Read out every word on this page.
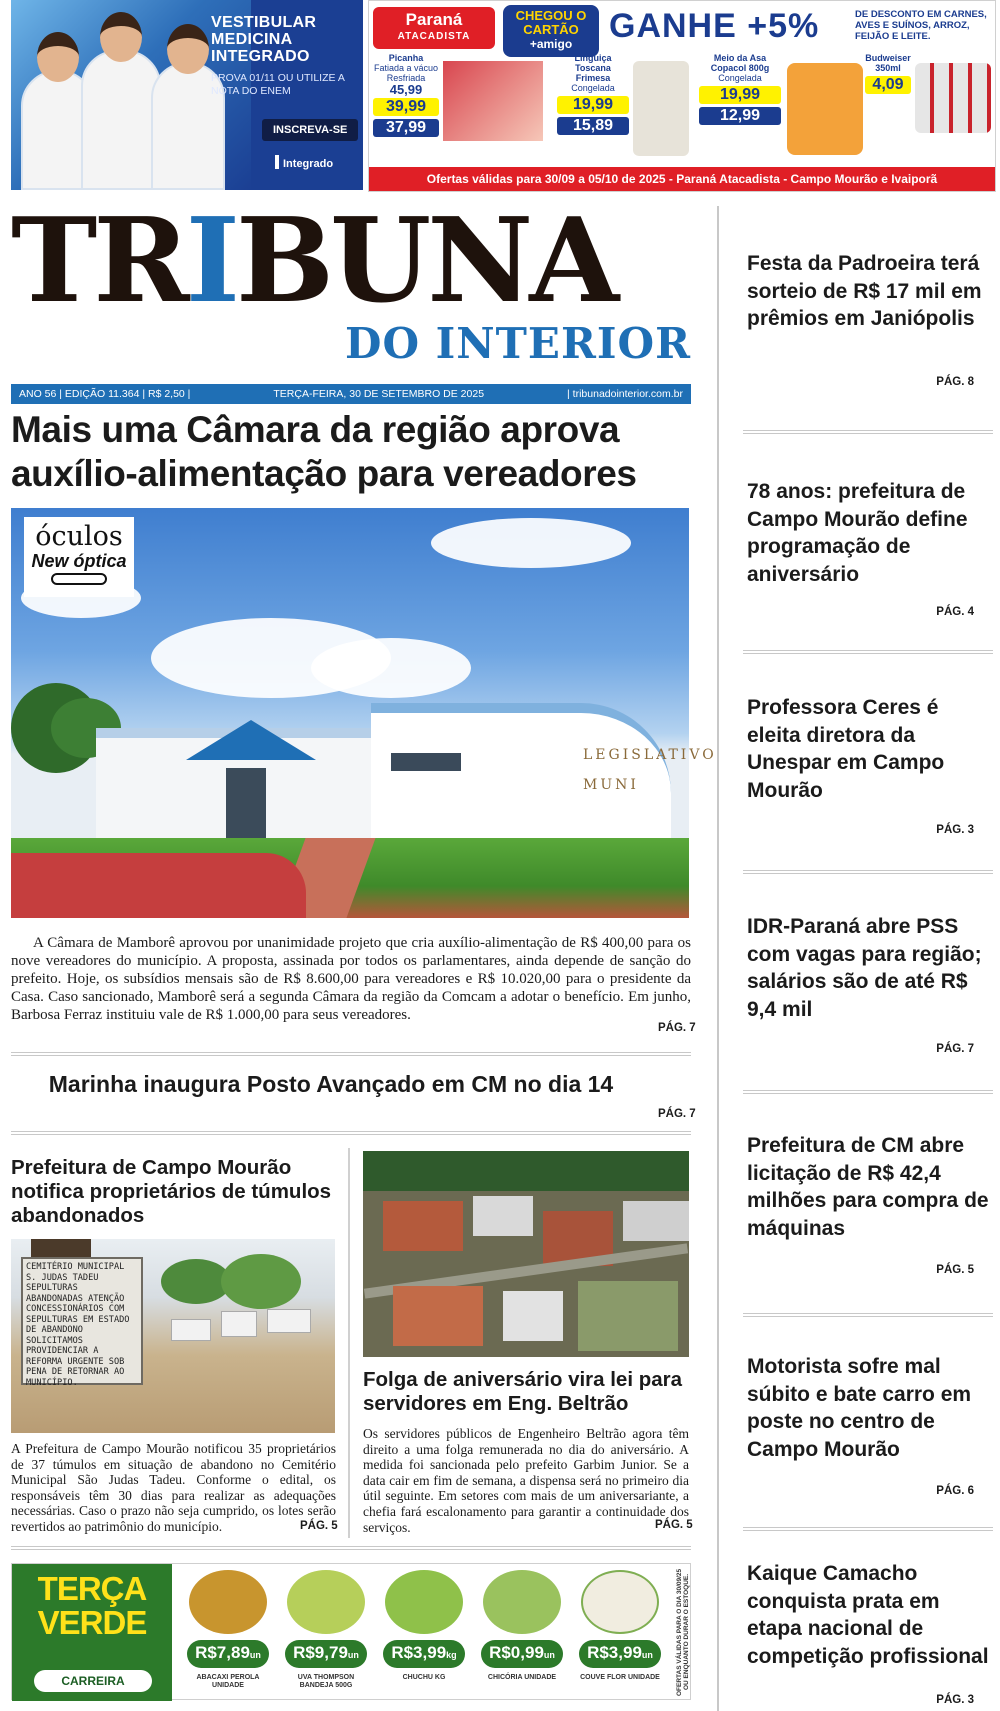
VESTIBULAR MEDICINA INTEGRADO
PROVA 01/11 OU UTILIZE A NOTA DO ENEM
INSCREVA-SE
Integrado
Paraná
ATACADISTA
CHEGOU O CARTÃO
+amigo	GANHE +5%	DE DESCONTO EM CARNES, AVES E SUÍNOS, ARROZ, FEIJÃO E LEITE.
Picanha
Fatiada a vácuo Resfriada
45,99
39,99
37,99
Linguiça Toscana Frimesa
Congelada
19,99
15,89
Meio da Asa Copacol 800g
Congelada
19,99
12,99
Budweiser 350ml
4,09
Ofertas válidas para 30/09 a 05/10 de 2025 - Paraná Atacadista - Campo Mourão e Ivaiporã
TRIBUNA
DO INTERIOR
ANO 56 | EDIÇÃO 11.364 | R$ 2,50 |	TERÇA-FEIRA, 30 DE SETEMBRO DE 2025	| tribunadointerior.com.br
Mais uma Câmara da região aprova auxílio-alimentação para vereadores
LEGISLATIVO MUNI
óculos
New óptica

A Câmara de Mamborê aprovou por unanimidade projeto que cria auxílio-alimentação de R$ 400,00 para os nove vereadores do município. A proposta, assinada por todos os parlamentares, ainda depende de sanção do prefeito. Hoje, os subsídios mensais são de R$ 8.600,00 para vereadores e R$ 10.020,00 para o presidente da Casa. Caso sancionado, Mamborê será a segunda Câmara da região da Comcam a adotar o benefício. Em junho, Barbosa Ferraz instituiu vale de R$ 1.000,00 para seus vereadores.

PÁG. 7
Marinha inaugura Posto Avançado em CM no dia 14
PÁG. 7
Prefeitura de Campo Mourão notifica proprietários de túmulos abandonados
CEMITÉRIO MUNICIPAL S. JUDAS TADEU SEPULTURAS ABANDONADAS ATENÇÃO CONCESSIONÁRIOS COM SEPULTURAS EM ESTADO DE ABANDONO SOLICITAMOS PROVIDENCIAR A REFORMA URGENTE SOB PENA DE RETORNAR AO MUNICÍPIO.

A Prefeitura de Campo Mourão notificou 35 proprietários de 37 túmulos em situação de abandono no Cemitério Municipal São Judas Tadeu. Conforme o edital, os responsáveis têm 30 dias para realizar as adequações necessárias. Caso o prazo não seja cumprido, os lotes serão revertidos ao patrimônio do município.	PÁG. 5
Folga de aniversário vira lei para servidores em Eng. Beltrão

Os servidores públicos de Engenheiro Beltrão agora têm direito a uma folga remunerada no dia do aniversário. A medida foi sancionada pelo prefeito Garbim Junior. Se a data cair em fim de semana, a dispensa será no primeiro dia útil seguinte. Em setores com mais de um aniversariante, a chefia fará escalonamento para garantir a continuidade dos serviços.	PÁG. 5
TERÇA VERDE
CARREIRA
R$7,89un
ABACAXI PEROLA UNIDADE
R$9,79un
UVA THOMPSON BANDEJA 500G
R$3,99kg
CHUCHU KG
R$0,99un
CHICÓRIA UNIDADE
R$3,99un
COUVE FLOR UNIDADE	OFERTAS VÁLIDAS PARA O DIA 30/09/25 OU ENQUANTO DURAR O ESTOQUE.
Festa da Padroeira terá sorteio de R$ 17 mil em prêmios em Janiópolis
PÁG. 8
78 anos: prefeitura de Campo Mourão define programação de aniversário
PÁG. 4
Professora Ceres é eleita diretora da Unespar em Campo Mourão
PÁG. 3
IDR-Paraná abre PSS com vagas para região; salários são de até R$ 9,4 mil
PÁG. 7
Prefeitura de CM abre licitação de R$ 42,4 milhões para compra de máquinas
PÁG. 5
Motorista sofre mal súbito e bate carro em poste no centro de Campo Mourão
PÁG. 6
Kaique Camacho conquista prata em etapa nacional de competição profissional
PÁG. 3
